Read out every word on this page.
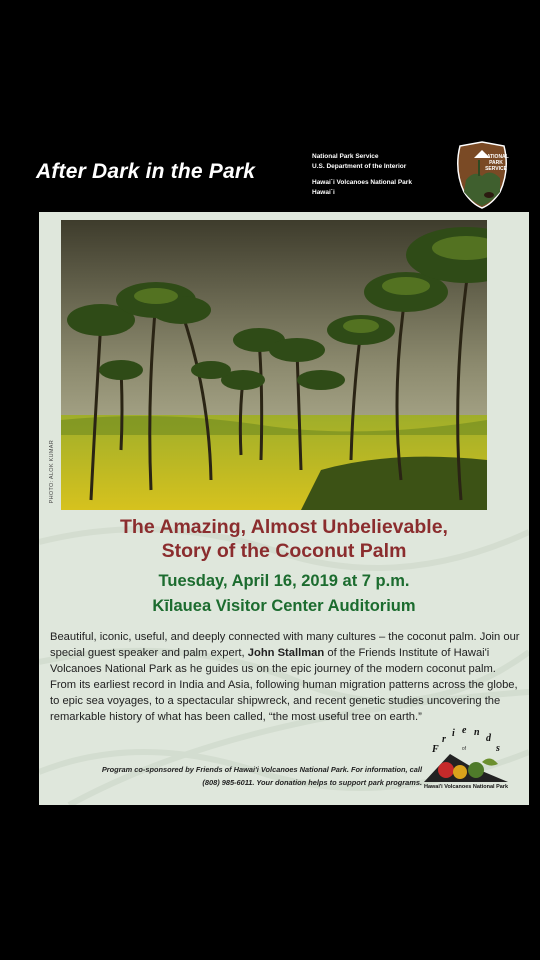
After Dark in the Park
National Park Service
U.S. Department of the Interior
Hawai`i Volcanoes National Park
Hawai`i
NATIONAL
PARK
SERVICE
PHOTO: ALOK KUMAR
The Amazing, Almost Unbelievable,
Story of the Coconut Palm
Tuesday, April 16, 2019 at 7 p.m.
Kīlauea Visitor Center Auditorium

Beautiful, iconic, useful, and deeply connected with many cultures – the coconut palm. Join our special guest speaker and palm expert, John Stallman of the Friends Institute of Hawai'i Volcanoes National Park as he guides us on the epic journey of the modern coconut palm. From its earliest record in India and Asia, following human migration patterns across the globe, to epic sea voyages, to a spectacular shipwreck, and recent genetic studies uncovering the remarkable history of what has been called, “the most useful tree on earth.”

Program co-sponsored by Friends of Hawai'i Volcanoes National Park. For information, call
(808) 985-6011. Your donation helps to support park programs.
F
r
i e n
d
s
of
Hawai'i Volcanoes National Park
